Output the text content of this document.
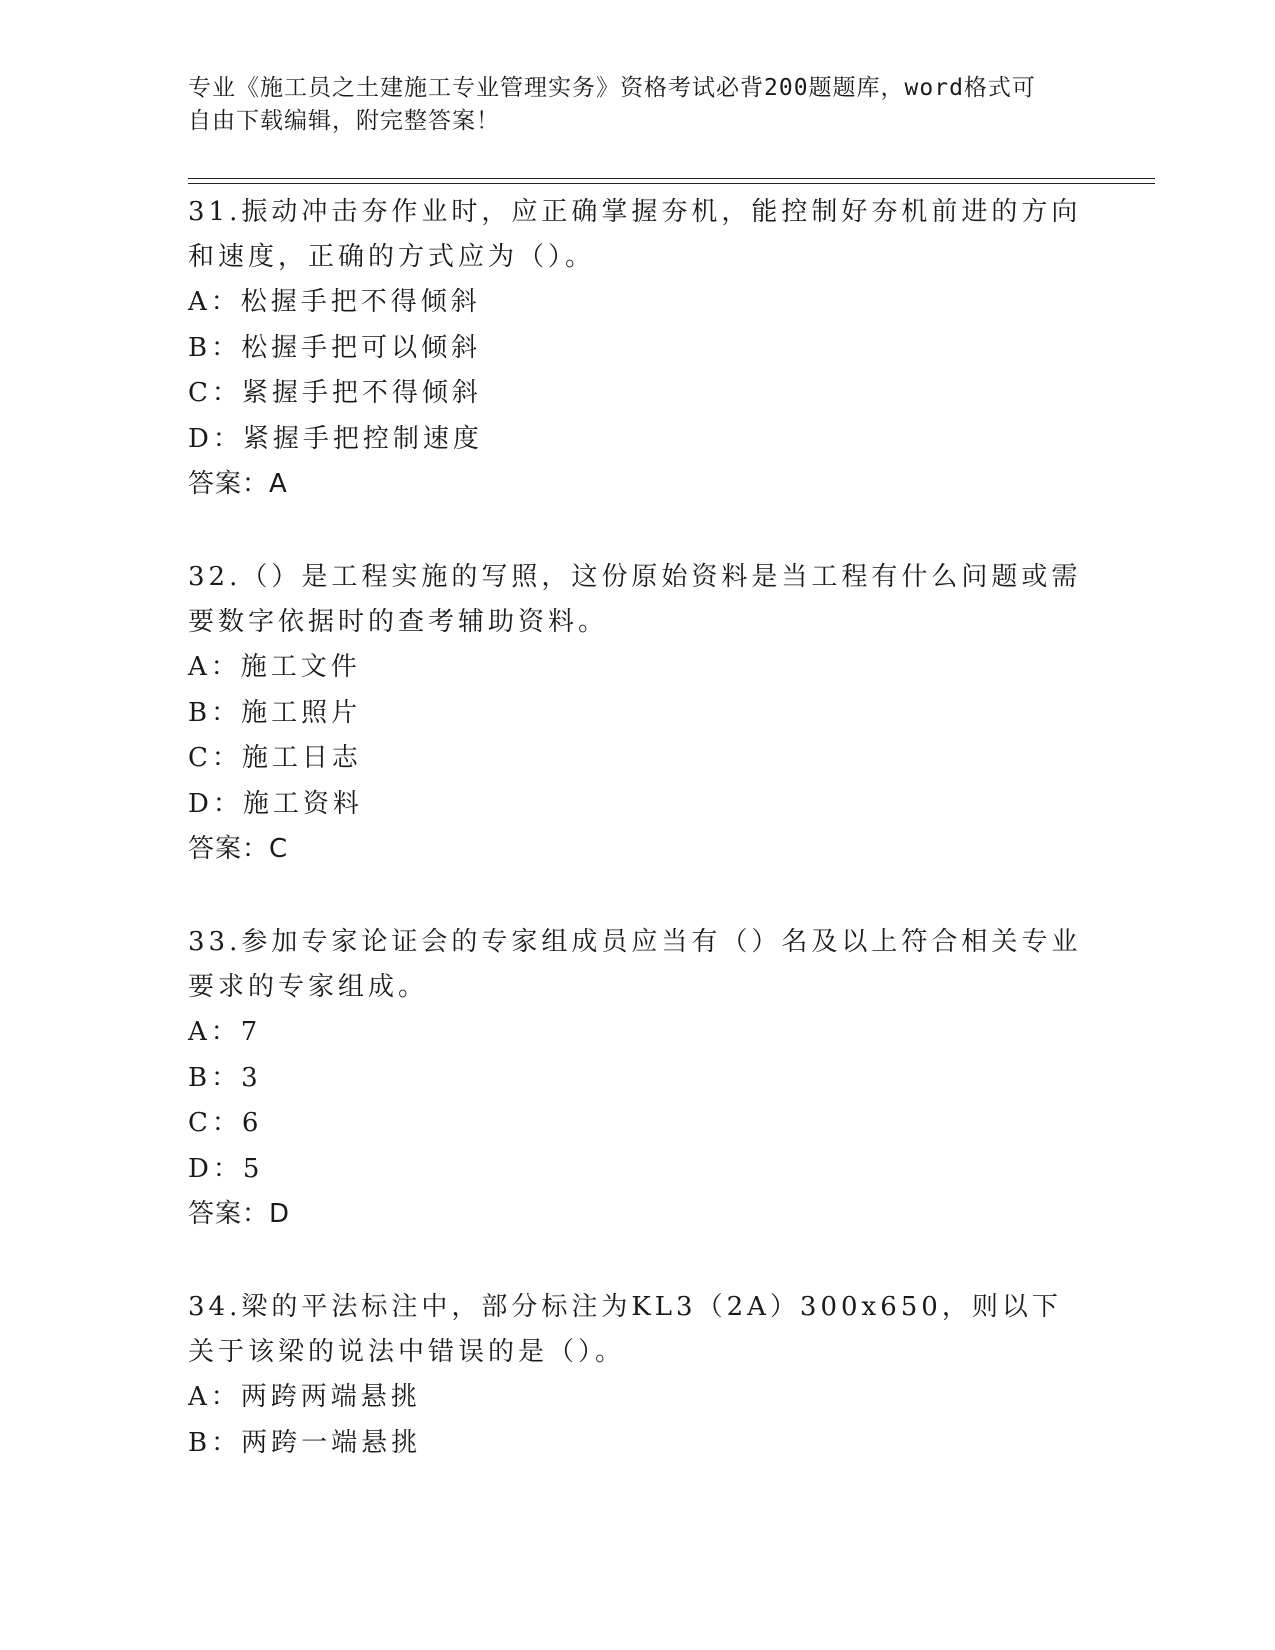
专业《施工员之土建施工专业管理实务》资格考试必背200题题库，word格式可
自由下载编辑，附完整答案！

31.振动冲击夯作业时，应正确掌握夯机，能控制好夯机前进的方向和速度，正确的方式应为（）。

A：松握手把不得倾斜

B：松握手把可以倾斜

C：紧握手把不得倾斜

D：紧握手把控制速度

答案：A

32.（）是工程实施的写照，这份原始资料是当工程有什么问题或需要数字依据时的查考辅助资料。

A：施工文件

B：施工照片

C：施工日志

D：施工资料

答案：C

33.参加专家论证会的专家组成员应当有（）名及以上符合相关专业要求的专家组成。

A：7

B：3

C：6

D：5

答案：D

34.梁的平法标注中，部分标注为KL3（2A）300x650，则以下关于该梁的说法中错误的是（）。

A：两跨两端悬挑

B：两跨一端悬挑
